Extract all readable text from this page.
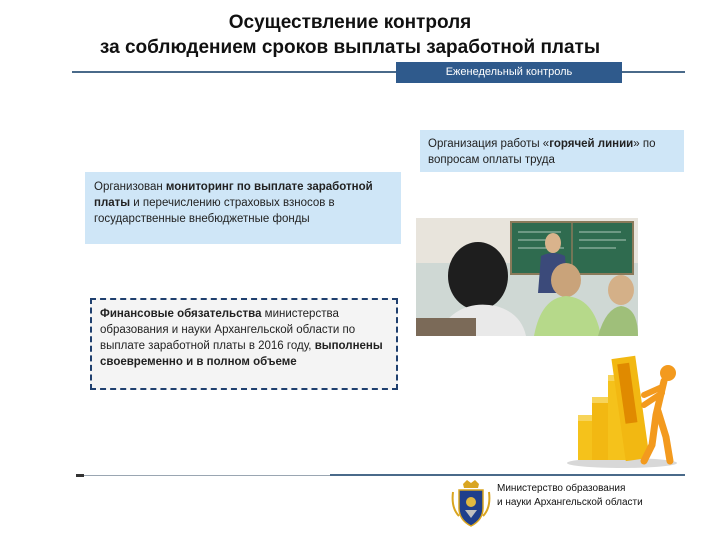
Осуществление контроля
за соблюдением сроков выплаты заработной платы
Еженедельный контроль
Организация работы «горячей линии» по вопросам оплаты труда
Организован мониторинг по выплате заработной платы и перечислению страховых взносов в государственные внебюджетные фонды
Финансовые обязательства министерства образования и науки Архангельской области по выплате заработной платы в 2016 году, выполнены своевременно и в полном объеме
Министерство образования
и науки Архангельской области
